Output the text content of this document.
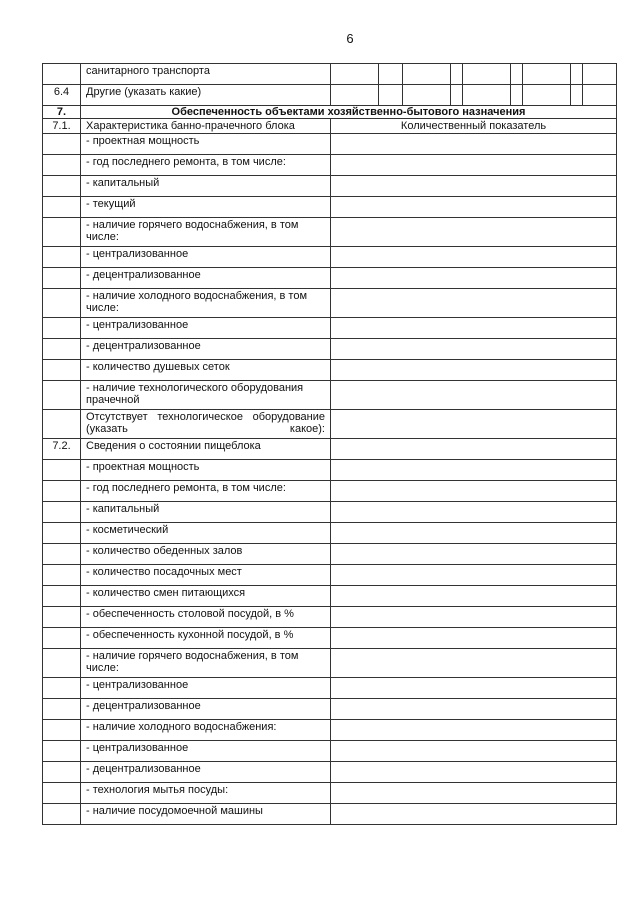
6
	санитарного транспорта									
6.4	Другие (указать какие)									
7.	Обеспеченность объектами хозяйственно-бытового назначения									
7.1.	Характеристика банно-прачечного блока	Количественный показатель								
	- проектная мощность									
	- год последнего ремонта, в том числе:									
	- капитальный									
	- текущий									
	- наличие горячего водоснабжения, в том числе:									
	- централизованное									
	- децентрализованное									
	- наличие холодного водоснабжения, в том числе:									
	- централизованное									
	- децентрализованное									
	- количество душевых сеток									
	- наличие технологического оборудования прачечной									
	Отсутствует технологическое оборудование (указать какое):									
7.2.	Сведения о состоянии пищеблока									
	- проектная мощность									
	- год последнего ремонта, в том числе:									
	- капитальный									
	- косметический									
	- количество обеденных залов									
	- количество посадочных мест									
	- количество смен питающихся									
	- обеспеченность столовой посудой, в %									
	- обеспеченность кухонной посудой, в %									
	- наличие горячего водоснабжения, в том числе:									
	- централизованное									
	- децентрализованное									
	- наличие холодного водоснабжения:									
	- централизованное									
	- децентрализованное									
	- технология мытья посуды:									
	- наличие посудомоечной машины									
